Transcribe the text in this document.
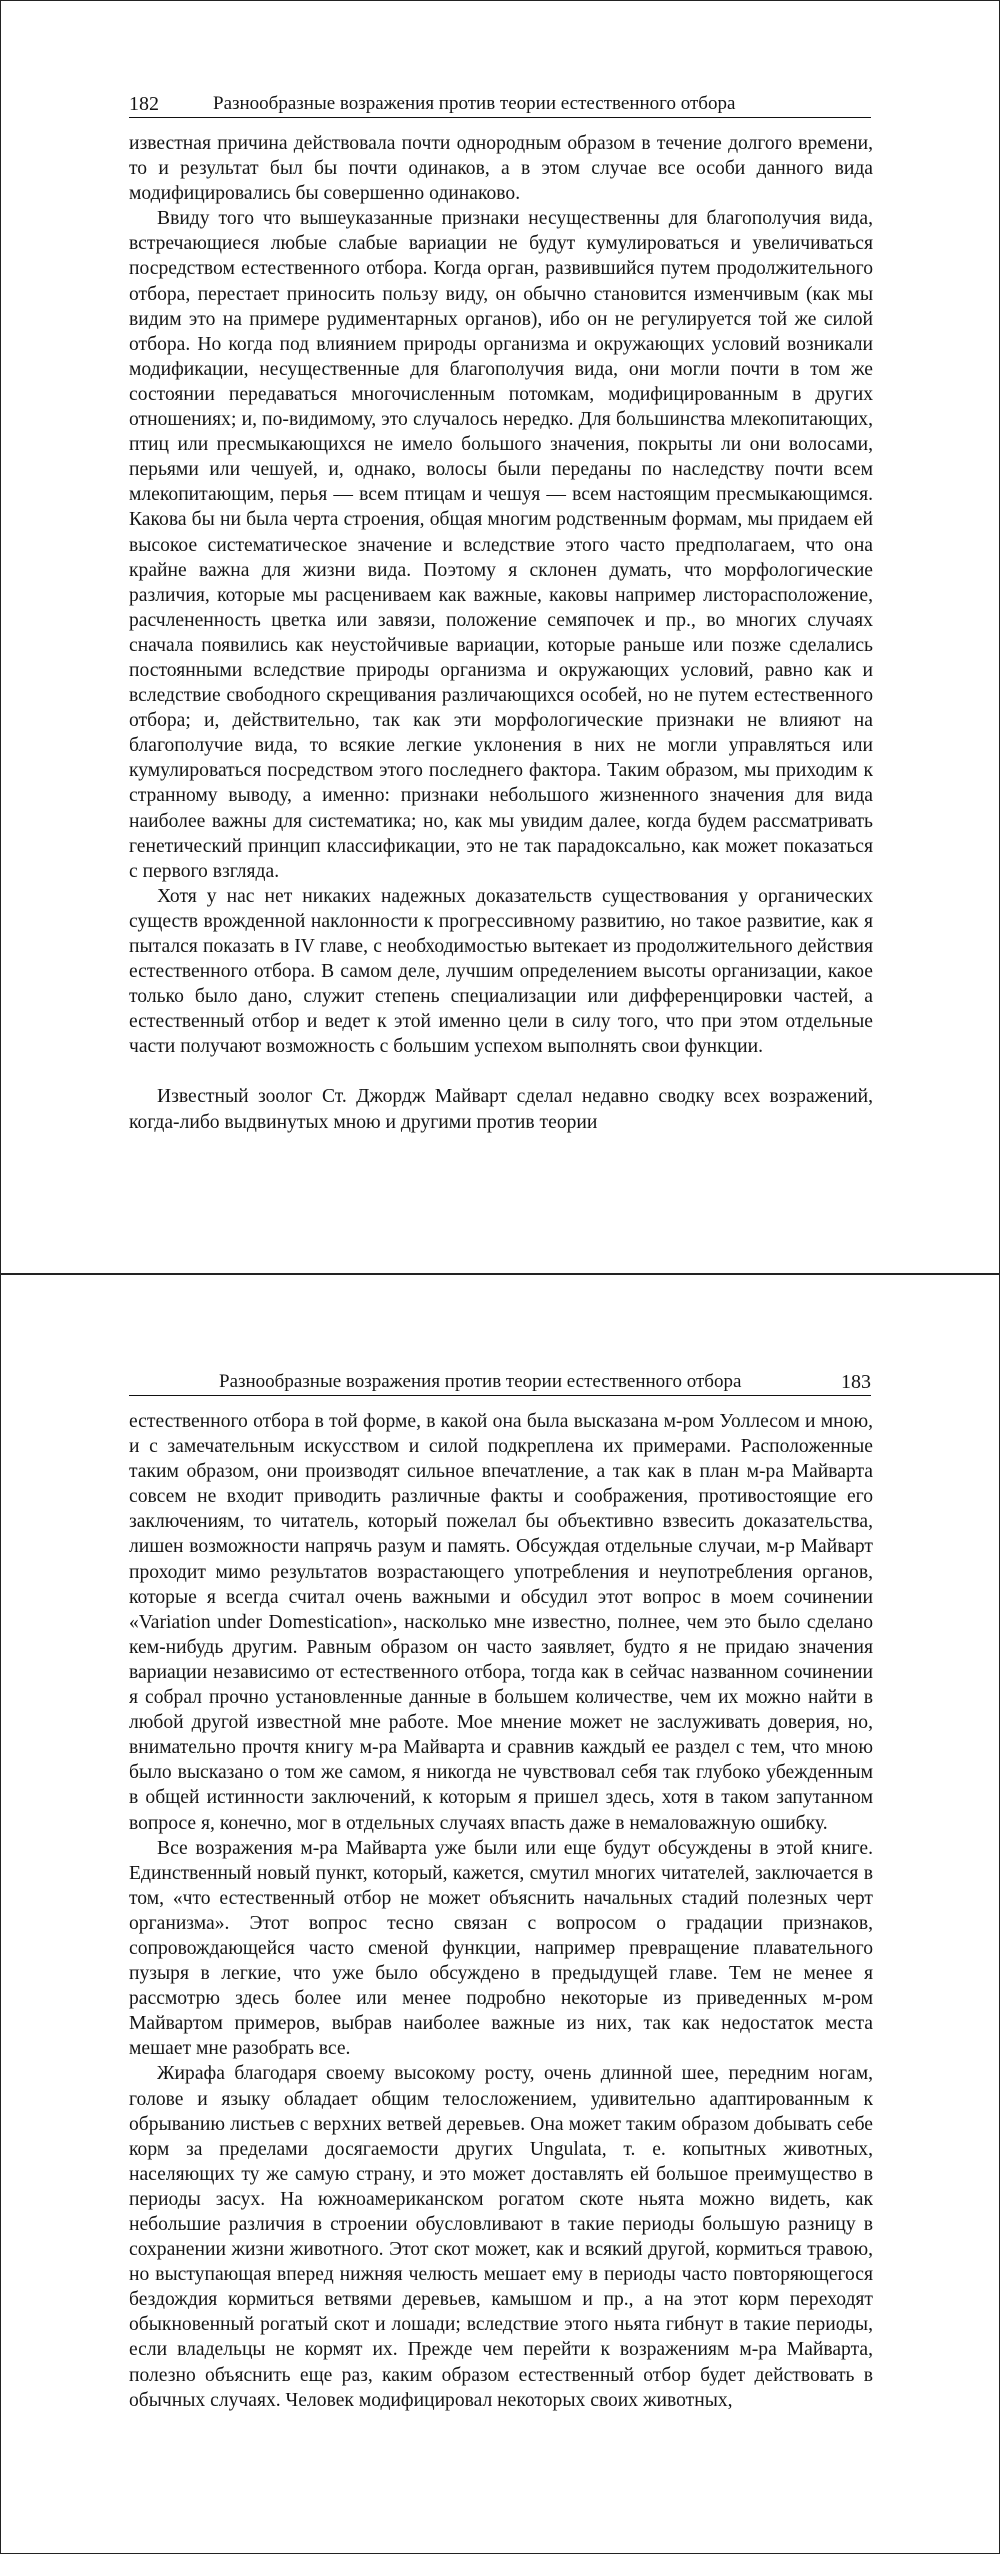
182	Разнообразные возражения против теории естественного отбора

известная причина действовала почти однородным образом в течение долгого времени, то и результат был бы почти одинаков, а в этом случае все особи данного вида модифицировались бы совершенно одинаково.

Ввиду того что вышеуказанные признаки несущественны для благополучия вида, встречающиеся любые слабые вариации не будут кумулироваться и увеличиваться посредством естественного отбора. Когда орган, развившийся путем продолжительного отбора, перестает приносить пользу виду, он обычно становится изменчивым (как мы видим это на примере рудиментарных органов), ибо он не регулируется той же силой отбора. Но когда под влиянием природы организма и окружающих условий возникали модификации, несущественные для благополучия вида, они могли почти в том же состоянии передаваться многочисленным потомкам, модифицированным в других отношениях; и, по-видимому, это случалось нередко. Для большинства млекопитающих, птиц или пресмыкающихся не имело большого значения, покрыты ли они волосами, перьями или чешуей, и, однако, волосы были переданы по наследству почти всем млекопитающим, перья — всем птицам и чешуя — всем настоящим пресмыкающимся. Какова бы ни была черта строения, общая многим родственным формам, мы придаем ей высокое систематическое значение и вследствие этого часто предполагаем, что она крайне важна для жизни вида. Поэтому я склонен думать, что морфологические различия, которые мы расцениваем как важные, каковы например листорасположение, расчлененность цветка или завязи, положение семяпочек и пр., во многих случаях сначала появились как неустойчивые вариации, которые раньше или позже сделались постоянными вследствие природы организма и окружающих условий, равно как и вследствие свободного скрещивания различающихся особей, но не путем естественного отбора; и, действительно, так как эти морфологические признаки не влияют на благополучие вида, то всякие легкие уклонения в них не могли управляться или кумулироваться посредством этого последнего фактора. Таким образом, мы приходим к странному выводу, а именно: признаки небольшого жизненного значения для вида наиболее важны для систематика; но, как мы увидим далее, когда будем рассматривать генетический принцип классификации, это не так парадоксально, как может показаться с первого взгляда.

Хотя у нас нет никаких надежных доказательств существования у органических существ врожденной наклонности к прогрессивному развитию, но такое развитие, как я пытался показать в IV главе, с необходимостью вытекает из продолжительного действия естественного отбора. В самом деле, лучшим определением высоты организации, какое только было дано, служит степень специализации или дифференцировки частей, а естественный отбор и ведет к этой именно цели в силу того, что при этом отдельные части получают возможность с большим успехом выполнять свои функции.

Известный зоолог Ст. Джордж Майварт сделал недавно сводку всех возражений, когда-либо выдвинутых мною и другими против теории

Разнообразные возражения против теории естественного отбора	183

естественного отбора в той форме, в какой она была высказана м-ром Уоллесом и мною, и с замечательным искусством и силой подкреплена их примерами. Расположенные таким образом, они производят сильное впечатление, а так как в план м-ра Майварта совсем не входит приводить различные факты и соображения, противостоящие его заключениям, то читатель, который пожелал бы объективно взвесить доказательства, лишен возможности напрячь разум и память. Обсуждая отдельные случаи, м-р Майварт проходит мимо результатов возрастающего употребления и неупотребления органов, которые я всегда считал очень важными и обсудил этот вопрос в моем сочинении «Variation under Domestication», насколько мне известно, полнее, чем это было сделано кем-нибудь другим. Равным образом он часто заявляет, будто я не придаю значения вариации независимо от естественного отбора, тогда как в сейчас названном сочинении я собрал прочно установленные данные в большем количестве, чем их можно найти в любой другой известной мне работе. Мое мнение может не заслуживать доверия, но, внимательно прочтя книгу м-ра Майварта и сравнив каждый ее раздел с тем, что мною было высказано о том же самом, я никогда не чувствовал себя так глубоко убежденным в общей истинности заключений, к которым я пришел здесь, хотя в таком запутанном вопросе я, конечно, мог в отдельных случаях впасть даже в немаловажную ошибку.

Все возражения м-ра Майварта уже были или еще будут обсуждены в этой книге. Единственный новый пункт, который, кажется, смутил многих читателей, заключается в том, «что естественный отбор не может объяснить начальных стадий полезных черт организма». Этот вопрос тесно связан с вопросом о градации признаков, сопровождающейся часто сменой функции, например превращение плавательного пузыря в легкие, что уже было обсуждено в предыдущей главе. Тем не менее я рассмотрю здесь более или менее подробно некоторые из приведенных м-ром Майвартом примеров, выбрав наиболее важные из них, так как недостаток места мешает мне разобрать все.

Жирафа благодаря своему высокому росту, очень длинной шее, передним ногам, голове и языку обладает общим телосложением, удивительно адаптированным к обрыванию листьев с верхних ветвей деревьев. Она может таким образом добывать себе корм за пределами досягаемости других Ungulata, т. е. копытных животных, населяющих ту же самую страну, и это может доставлять ей большое преимущество в периоды засух. На южноамериканском рогатом скоте ньята можно видеть, как небольшие различия в строении обусловливают в такие периоды большую разницу в сохранении жизни животного. Этот скот может, как и всякий другой, кормиться травою, но выступающая вперед нижняя челюсть мешает ему в периоды часто повторяющегося бездождия кормиться ветвями деревьев, камышом и пр., а на этот корм переходят обыкновенный рогатый скот и лошади; вследствие этого ньята гибнут в такие периоды, если владельцы не кормят их. Прежде чем перейти к возражениям м-ра Майварта, полезно объяснить еще раз, каким образом естественный отбор будет действовать в обычных случаях. Человек модифицировал некоторых своих животных,
